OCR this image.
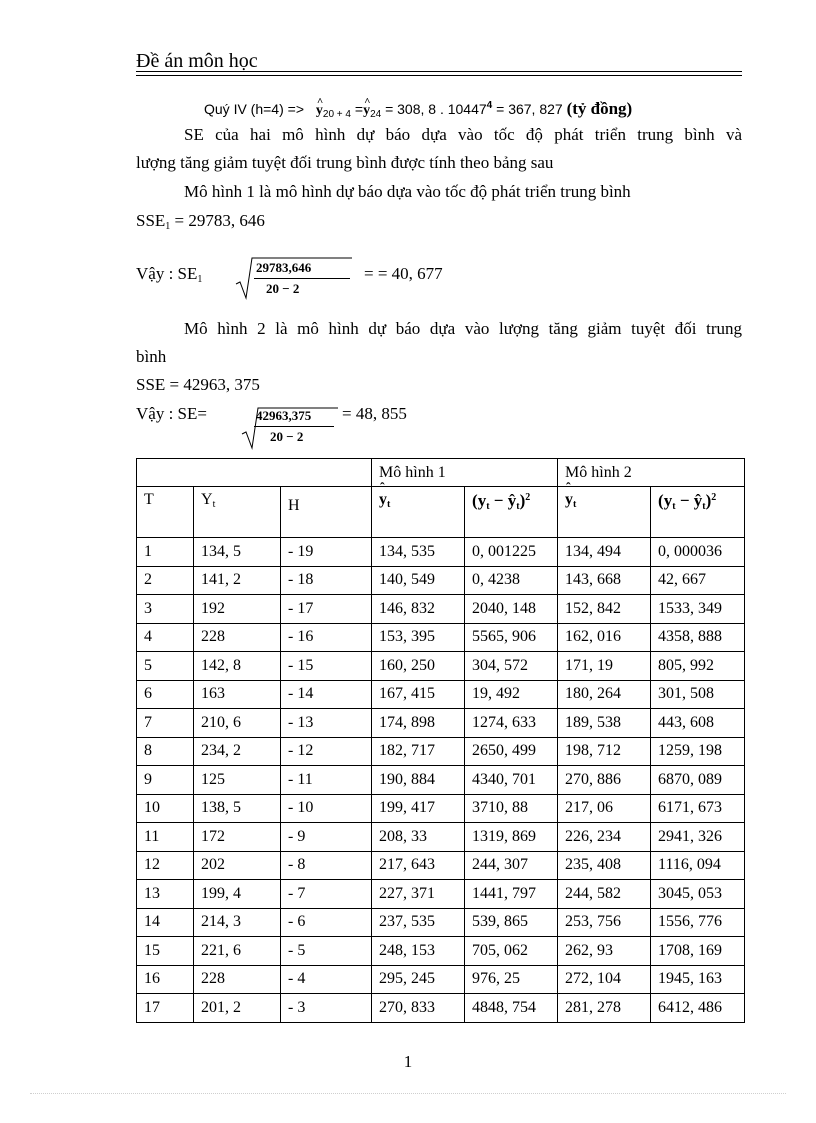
Đề án môn học
Quý IV (h=4) => ^ $y_{20 + 4}$ =^ $y_{24} = 308$, 8 . $10447^4 = 367$, 827 (tỷ đồng)
SE của hai mô hình dự báo dựa vào tốc độ phát triển trung bình và
lượng tăng giảm tuyệt đối trung bình được tính theo bảng sau
Mô hình 1 là mô hình dự báo dựa vào tốc độ phát triển trung bình
$SSE_1 = 29783$, 646
Vậy : $SE_1$
29783,646
20 − 2
= = 40, 677
Mô hình 2 là mô hình dự báo dựa vào lượng tăng giảm tuyệt đối trung
bình
SSE = 42963, 375
Vậy : SE=	42963,375
20 − 2
= 48, 855
			Mô hình 1		Mô hình 2	
T	$Y_t$	H	ˆ $y_t$	($y_t$ − $ŷ_t)^2$	ˆ $y_t$	($y_t$ − $ŷ_t)^2$
1	134, 5	- 19	134, 535	0, 001225	134, 494	0, 000036
2	141, 2	- 18	140, 549	0, 4238	143, 668	42, 667
3	192	- 17	146, 832	2040, 148	152, 842	1533, 349
4	228	- 16	153, 395	5565, 906	162, 016	4358, 888
5	142, 8	- 15	160, 250	304, 572	171, 19	805, 992
6	163	- 14	167, 415	19, 492	180, 264	301, 508
7	210, 6	- 13	174, 898	1274, 633	189, 538	443, 608
8	234, 2	- 12	182, 717	2650, 499	198, 712	1259, 198
9	125	- 11	190, 884	4340, 701	270, 886	6870, 089
10	138, 5	- 10	199, 417	3710, 88	217, 06	6171, 673
11	172	- 9	208, 33	1319, 869	226, 234	2941, 326
12	202	- 8	217, 643	244, 307	235, 408	1116, 094
13	199, 4	- 7	227, 371	1441, 797	244, 582	3045, 053
14	214, 3	- 6	237, 535	539, 865	253, 756	1556, 776
15	221, 6	- 5	248, 153	705, 062	262, 93	1708, 169
16	228	- 4	295, 245	976, 25	272, 104	1945, 163
17	201, 2	- 3	270, 833	4848, 754	281, 278	6412, 486
1
